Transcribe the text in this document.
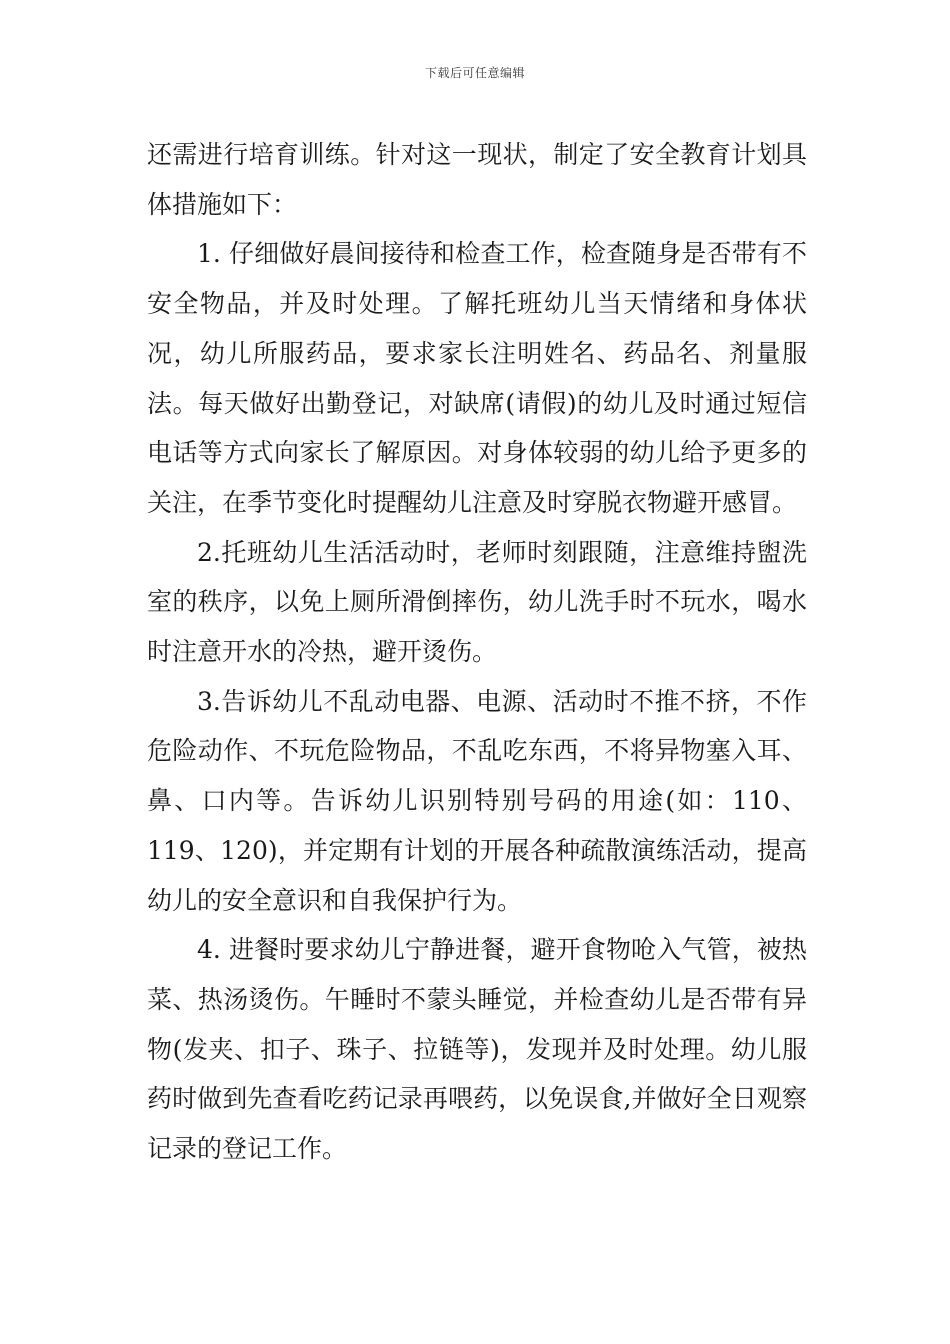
下载后可任意编辑

还需进行培育训练。针对这一现状，制定了安全教育计划具体措施如下：

1. 仔细做好晨间接待和检查工作，检查随身是否带有不安全物品，并及时处理。了解托班幼儿当天情绪和身体状况，幼儿所服药品，要求家长注明姓名、药品名、剂量服法。每天做好出勤登记，对缺席(请假)的幼儿及时通过短信电话等方式向家长了解原因。对身体较弱的幼儿给予更多的关注，在季节变化时提醒幼儿注意及时穿脱衣物避开感冒。

2.托班幼儿生活活动时，老师时刻跟随，注意维持盥洗室的秩序，以免上厕所滑倒摔伤，幼儿洗手时不玩水，喝水时注意开水的冷热，避开烫伤。

3.告诉幼儿不乱动电器、电源、活动时不推不挤，不作危险动作、不玩危险物品，不乱吃东西，不将异物塞入耳、鼻、口内等。告诉幼儿识别特别号码的用途(如：110、119、120)，并定期有计划的开展各种疏散演练活动，提高幼儿的安全意识和自我保护行为。

4. 进餐时要求幼儿宁静进餐，避开食物呛入气管，被热菜、热汤烫伤。午睡时不蒙头睡觉，并检查幼儿是否带有异物(发夹、扣子、珠子、拉链等)，发现并及时处理。幼儿服药时做到先查看吃药记录再喂药，以免误食,并做好全日观察记录的登记工作。
